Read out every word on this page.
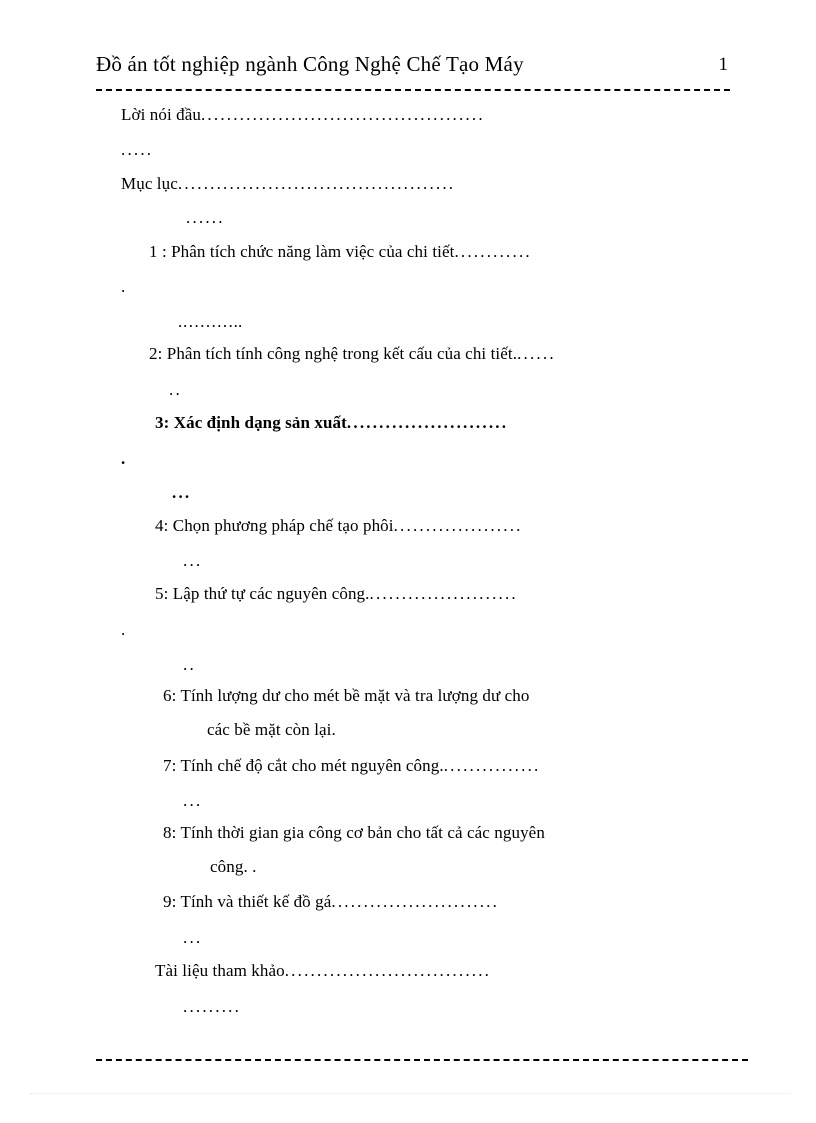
Đồ án tốt nghiệp ngành Công Nghệ Chế Tạo Máy	1
Lời nói đầu............................................
.....
Mục lục...........................................
......
1 : Phân tích chức năng làm việc của chi tiết............
.
.………..
2: Phân tích tính công nghệ trong kết cấu của chi tiết.......
..
3: Xác định dạng sản xuất.........................
.
...
4: Chọn phương pháp chế tạo phôi....................
...
5: Lập thứ tự các nguyên công........................
.
..
6: Tính lượng dư cho mét bề mặt và tra lượng dư cho
các bề mặt còn lại.
7: Tính chế độ cắt cho mét nguyên công................
...
8: Tính thời gian gia công cơ bản cho tất cả các nguyên
công. .
9: Tính và thiết kế đồ gá..........................
...
Tài liệu tham khảo................................
.........
